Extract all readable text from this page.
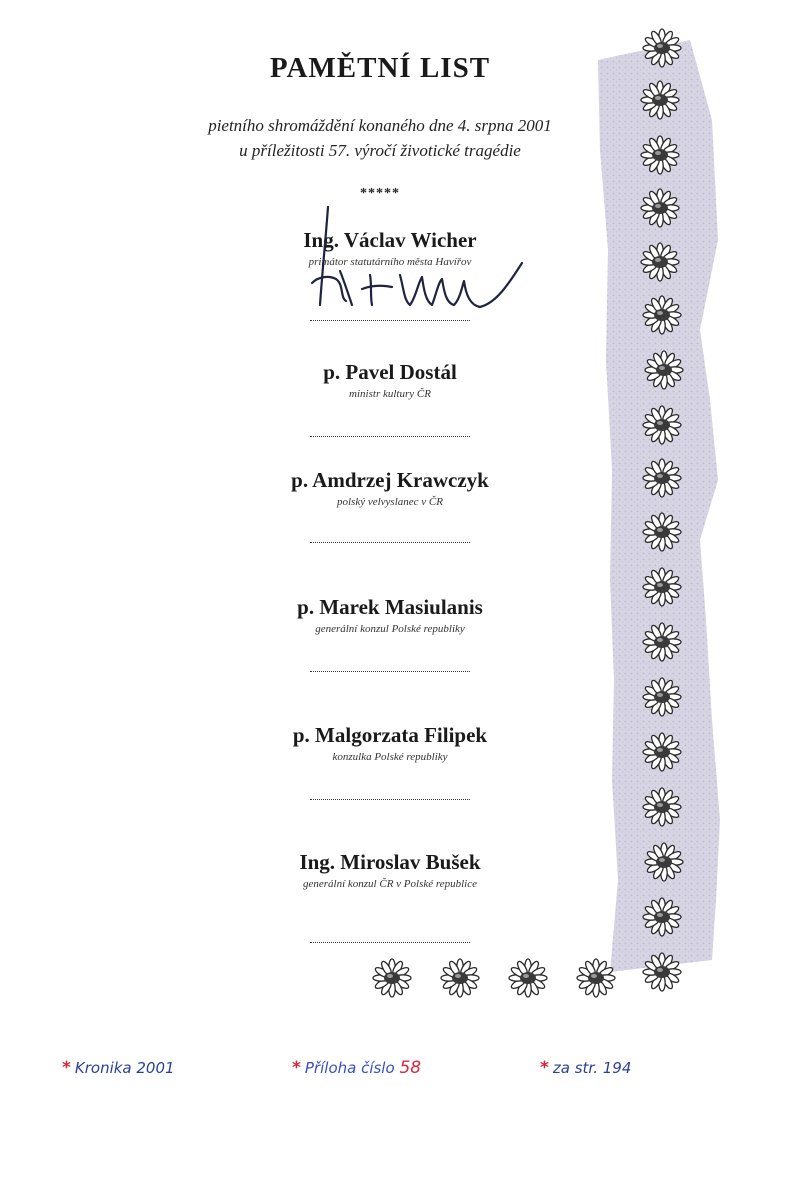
PAMĚTNÍ LIST
pietního shromáždění konaného dne 4. srpna 2001
u příležitosti 57. výročí životické tragédie
*****
Ing. Václav Wicher
primátor statutárního města Havířov
p. Pavel Dostál
ministr kultury ČR
p. Amdrzej Krawczyk
polský velvyslanec v ČR
p. Marek Masiulanis
generální konzul Polské republiky
p. Malgorzata Filipek
konzulka Polské republiky
Ing. Miroslav Bušek
generální konzul ČR v Polské republice
* Kronika 2001	* Příloha číslo 58	* za str. 194
